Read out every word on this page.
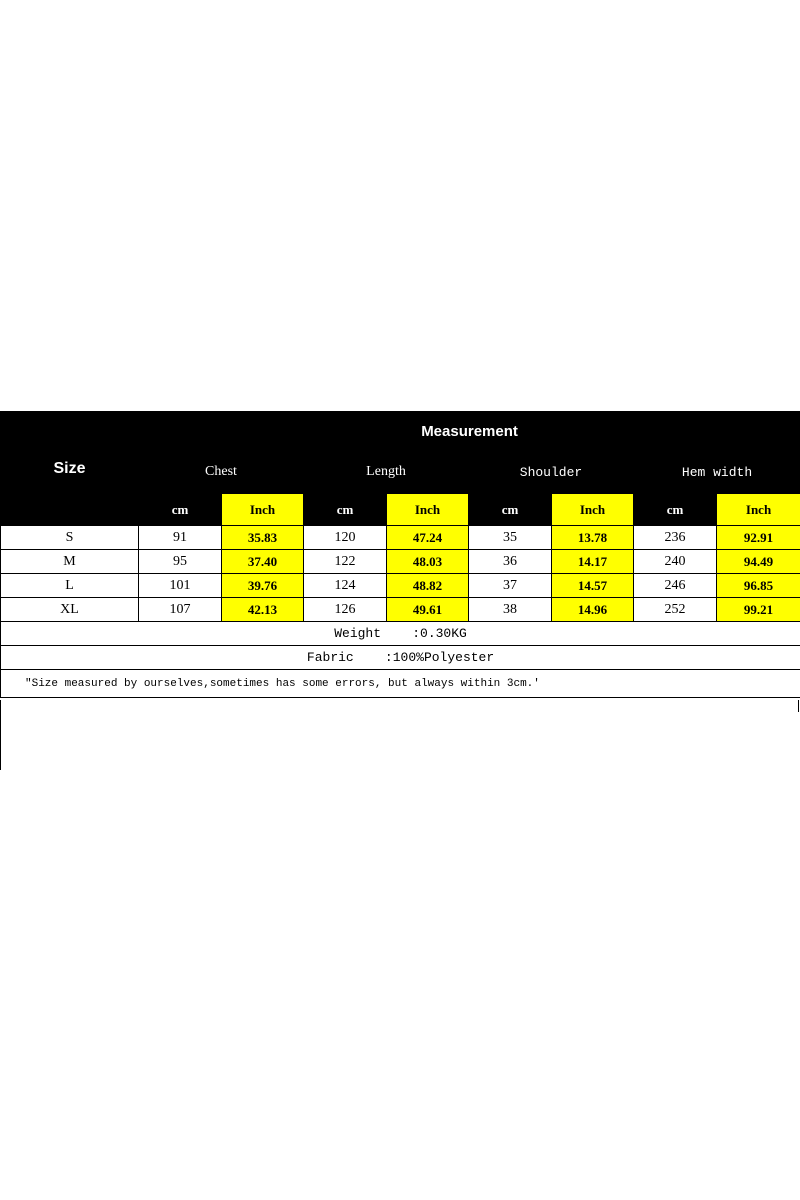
Size	Measurement							
	Chest		Length		Shoulder		Hem width	
	cm	Inch	cm	Inch	cm	Inch	cm	Inch
S	91	35.83	120	47.24	35	13.78	236	92.91
M	95	37.40	122	48.03	36	14.17	240	94.49
L	101	39.76	124	48.82	37	14.57	246	96.85
XL	107	42.13	126	49.61	38	14.96	252	99.21
Weight    :0.30KG								
Fabric    :100%Polyester								
"Size measured by ourselves,sometimes has some errors, but always within 3cm.'								
